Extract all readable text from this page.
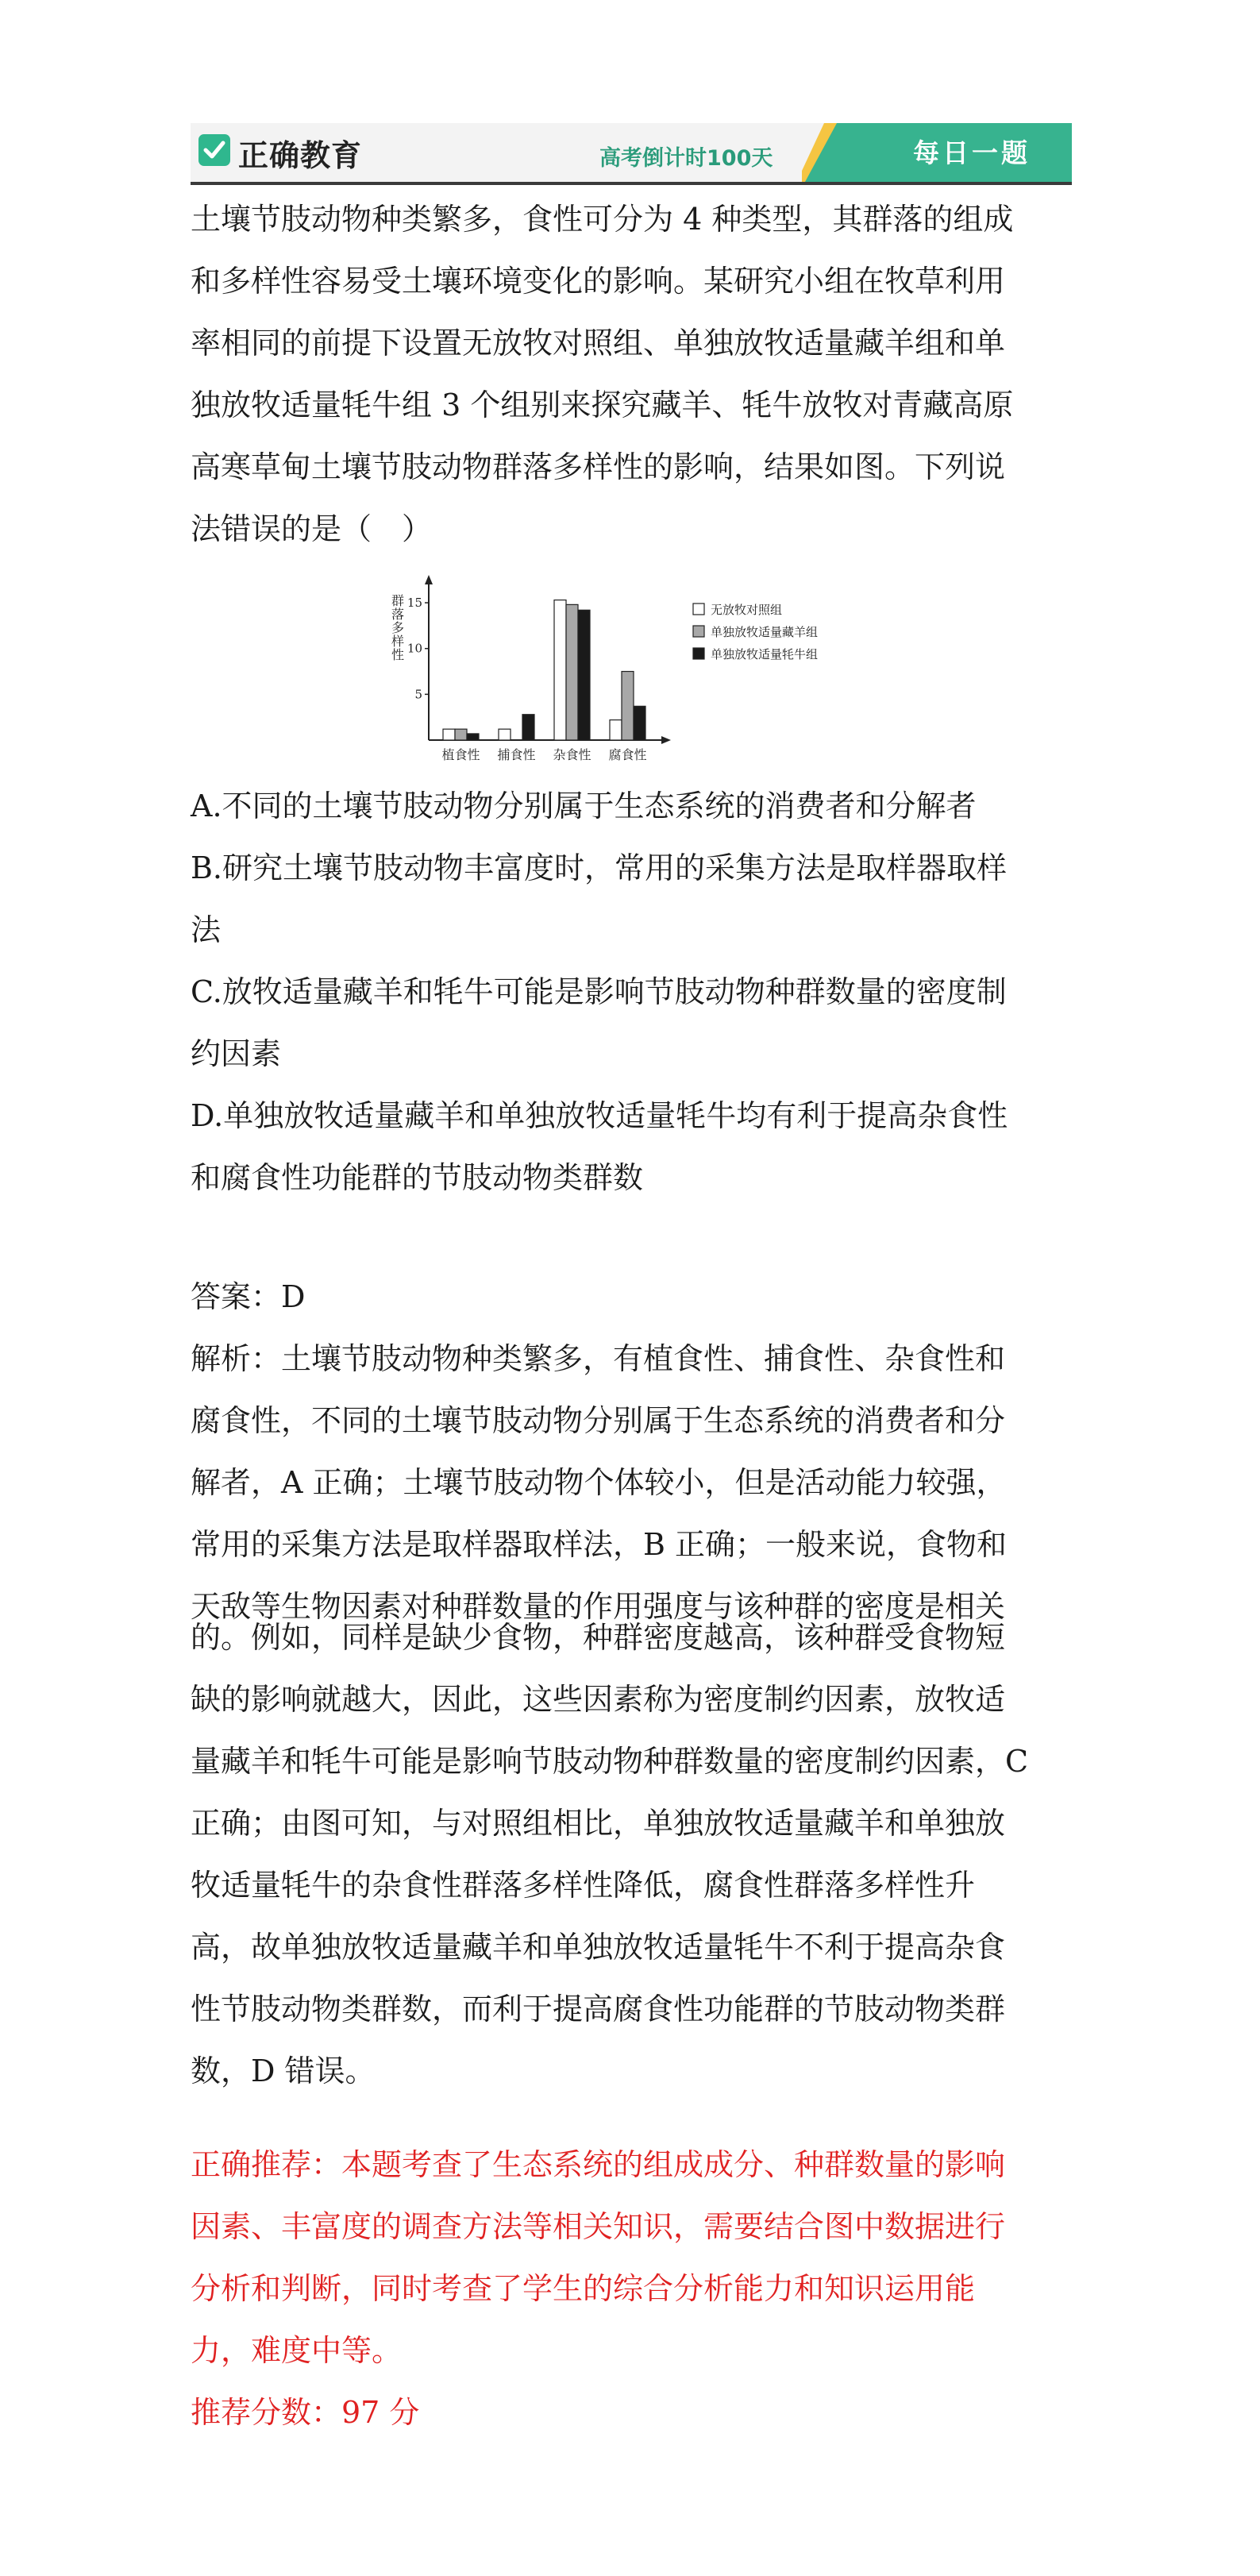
正确教育	高考倒计时100天	每日一题
土壤节肢动物种类繁多，食性可分为 4 种类型，其群落的组成
和多样性容易受土壤环境变化的影响。某研究小组在牧草利用
率相同的前提下设置无放牧对照组、单独放牧适量藏羊组和单
独放牧适量牦牛组 3 个组别来探究藏羊、牦牛放牧对青藏高原
高寒草甸土壤节肢动物群落多样性的影响，结果如图。下列说
法错误的是（　）
群落多样性
5
10
15
植食性 捕食性 杂食性 腐食性
无放牧对照组
单独放牧适量藏羊组
单独放牧适量牦牛组
A.不同的土壤节肢动物分别属于生态系统的消费者和分解者
B.研究土壤节肢动物丰富度时，常用的采集方法是取样器取样
法
C.放牧适量藏羊和牦牛可能是影响节肢动物种群数量的密度制
约因素
D.单独放牧适量藏羊和单独放牧适量牦牛均有利于提高杂食性
和腐食性功能群的节肢动物类群数
答案：D
解析：土壤节肢动物种类繁多，有植食性、捕食性、杂食性和
腐食性，不同的土壤节肢动物分别属于生态系统的消费者和分
解者，A 正确；土壤节肢动物个体较小，但是活动能力较强，
常用的采集方法是取样器取样法，B 正确；一般来说，食物和
天敌等生物因素对种群数量的作用强度与该种群的密度是相关
的。例如，同样是缺少食物，种群密度越高，该种群受食物短
缺的影响就越大，因此，这些因素称为密度制约因素，放牧适
量藏羊和牦牛可能是影响节肢动物种群数量的密度制约因素，C
正确；由图可知，与对照组相比，单独放牧适量藏羊和单独放
牧适量牦牛的杂食性群落多样性降低，腐食性群落多样性升
高，故单独放牧适量藏羊和单独放牧适量牦牛不利于提高杂食
性节肢动物类群数，而利于提高腐食性功能群的节肢动物类群
数，D 错误。
正确推荐：本题考查了生态系统的组成成分、种群数量的影响
因素、丰富度的调查方法等相关知识，需要结合图中数据进行
分析和判断，同时考查了学生的综合分析能力和知识运用能
力，难度中等。
推荐分数：97 分
